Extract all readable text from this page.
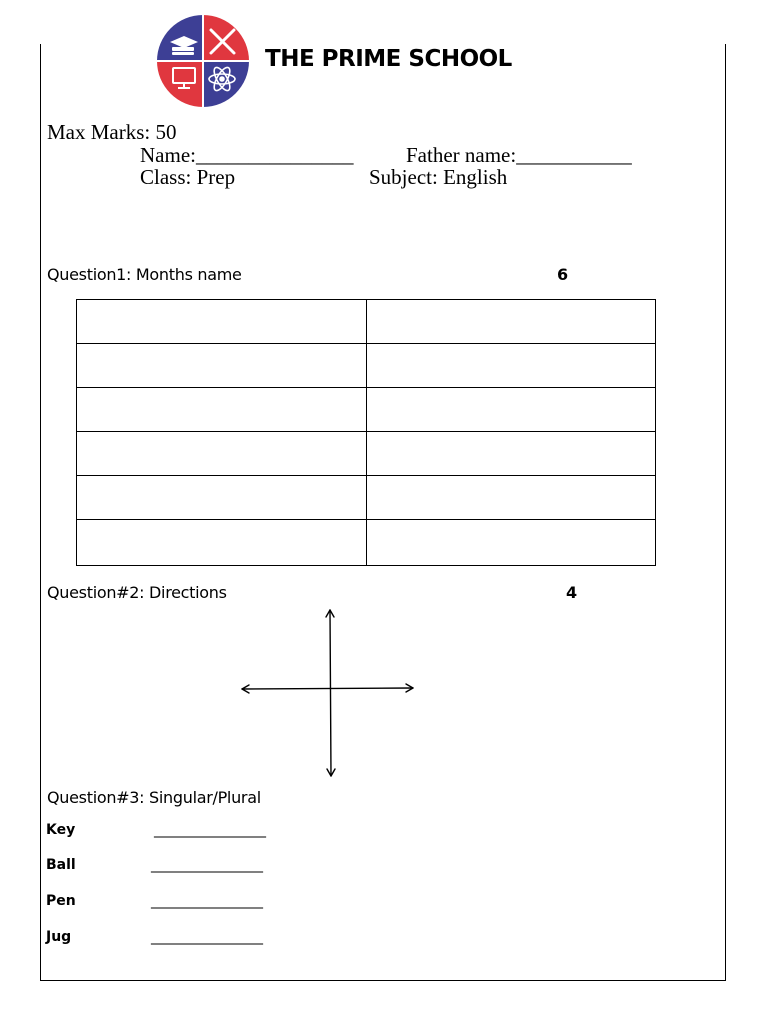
THE PRIME SCHOOL
Max Marks: 50
Name:_______________	Father name:___________
Class: Prep	Subject: English
Question1: Months name	6

Question#2: Directions	4
Question#3: Singular/Plural
Key	________________
Ball	________________
Pen	________________
Jug	________________
